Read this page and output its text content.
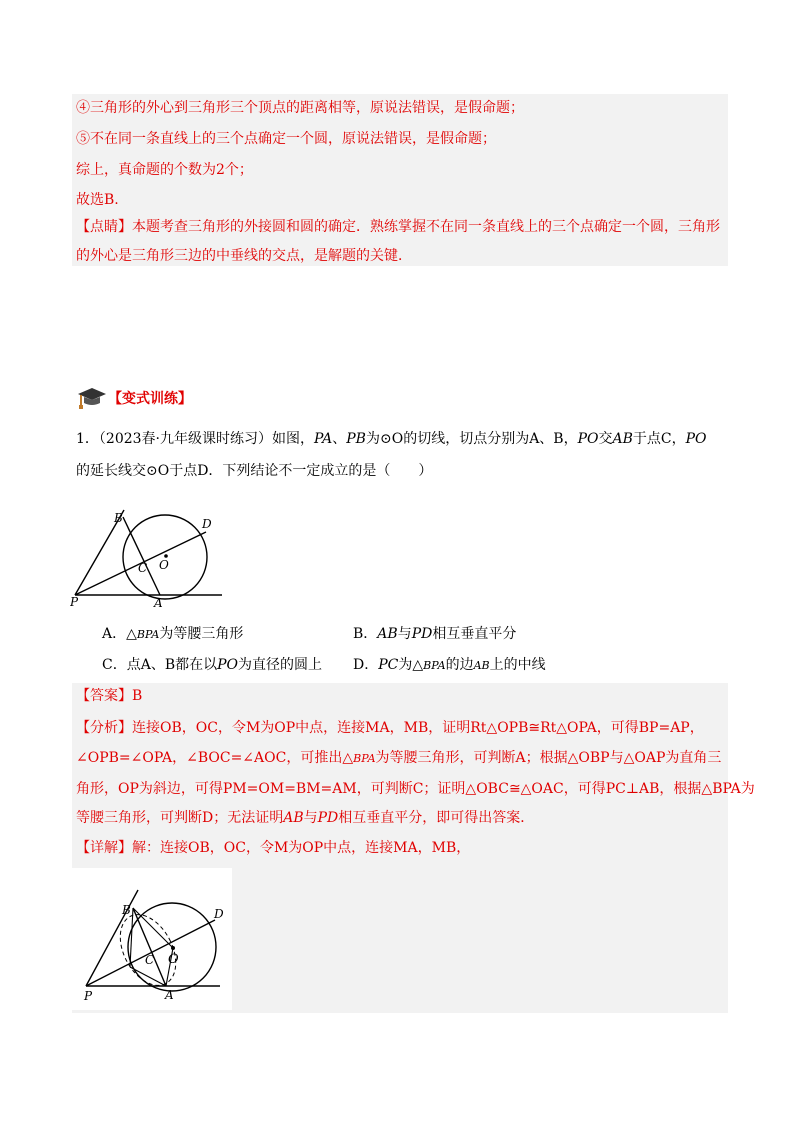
④三角形的外心到三角形三个顶点的距离相等，原说法错误，是假命题；
⑤不在同一条直线上的三个点确定一个圆，原说法错误，是假命题；
综上，真命题的个数为2个；
故选B.
【点睛】本题考查三角形的外接圆和圆的确定．熟练掌握不在同一条直线上的三个点确定一个圆，三角形
的外心是三角形三边的中垂线的交点，是解题的关键．
【变式训练】
1．（2023春·九年级课时练习）如图，PA、PB为⊙O的切线，切点分别为A、B，PO交AB于点C，PO
的延长线交⊙O于点D．下列结论不一定成立的是（　　）
B	D
O
C
P	A
A．△BPA为等腰三角形	B．AB与PD相互垂直平分
C．点A、B都在以PO为直径的圆上 D．PC为△BPA的边AB上的中线
【答案】B
【分析】连接OB，OC，令M为OP中点，连接MA，MB，证明Rt△OPB≅Rt△OPA，可得BP=AP，
∠OPB=∠OPA，∠BOC=∠AOC，可推出△BPA为等腰三角形，可判断A；根据△OBP与△OAP为直角三
角形，OP为斜边，可得PM=OM=BM=AM，可判断C；证明△OBC≅△OAC，可得PC⊥AB，根据△BPA为
等腰三角形，可判断D；无法证明AB与PD相互垂直平分，即可得出答案．
【详解】解：连接OB，OC，令M为OP中点，连接MA，MB，
B	D
O
C
P	A
